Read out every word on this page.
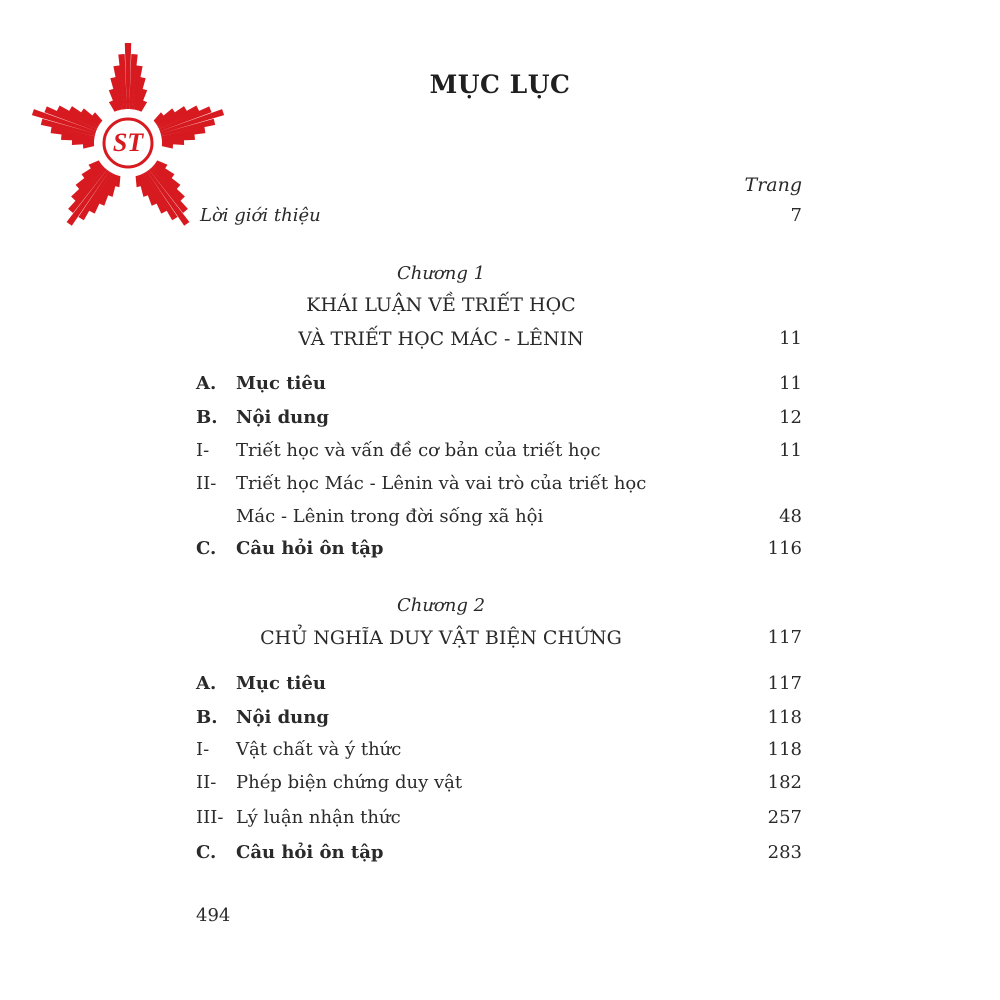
ST
MỤC LỤC
Trang
Lời giới thiệu	7
Chương 1
KHÁI LUẬN VỀ TRIẾT HỌC
VÀ TRIẾT HỌC MÁC - LÊNIN	11
A. Mục tiêu	11
B. Nội dung	12
I- Triết học và vấn đề cơ bản của triết học	11
II- Triết học Mác - Lênin và vai trò của triết học
Mác - Lênin trong đời sống xã hội	48
C. Câu hỏi ôn tập	116
Chương 2
CHỦ NGHĨA DUY VẬT BIỆN CHỨNG	117
A. Mục tiêu	117
B. Nội dung	118
I- Vật chất và ý thức	118
II- Phép biện chứng duy vật	182
III- Lý luận nhận thức	257
C. Câu hỏi ôn tập	283
494
